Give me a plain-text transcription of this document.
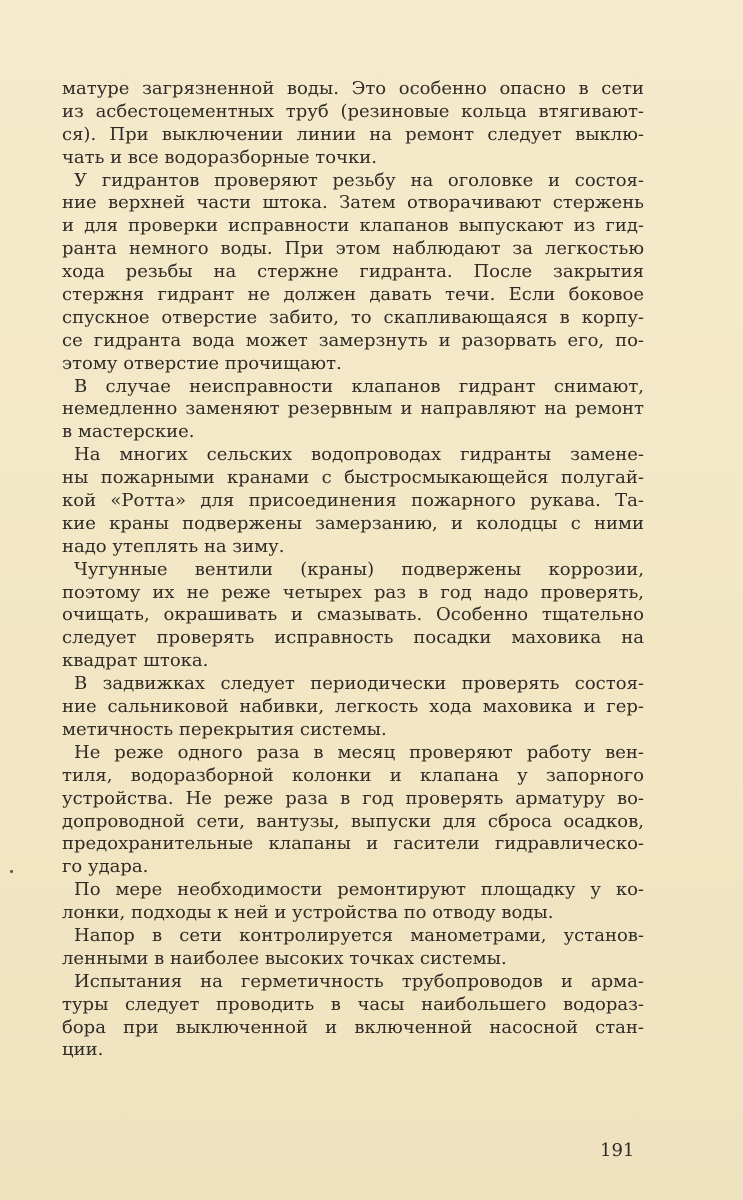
матуре загрязненной воды. Это особенно опасно в сети
из асбестоцементных труб (резиновые кольца втягивают-
ся). При выключении линии на ремонт следует выклю-
чать и все водоразборные точки.
У гидрантов проверяют резьбу на оголовке и состоя-
ние верхней части штока. Затем отворачивают стержень
и для проверки исправности клапанов выпускают из гид-
ранта немного воды. При этом наблюдают за легкостью
хода резьбы на стержне гидранта. После закрытия
стержня гидрант не должен давать течи. Если боковое
спускное отверстие забито, то скапливающаяся в корпу-
се гидранта вода может замерзнуть и разорвать его, по-
этому отверстие прочищают.
В случае неисправности клапанов гидрант снимают,
немедленно заменяют резервным и направляют на ремонт
в мастерские.
На многих сельских водопроводах гидранты замене-
ны пожарными кранами с быстросмыкающейся полугай-
кой «Ротта» для присоединения пожарного рукава. Та-
кие краны подвержены замерзанию, и колодцы с ними
надо утеплять на зиму.
Чугунные вентили (краны) подвержены коррозии,
поэтому их не реже четырех раз в год надо проверять,
очищать, окрашивать и смазывать. Особенно тщательно
следует проверять исправность посадки маховика на
квадрат штока.
В задвижках следует периодически проверять состоя-
ние сальниковой набивки, легкость хода маховика и гер-
метичность перекрытия системы.
Не реже одного раза в месяц проверяют работу вен-
тиля, водоразборной колонки и клапана у запорного
устройства. Не реже раза в год проверять арматуру во-
допроводной сети, вантузы, выпуски для сброса осадков,
предохранительные клапаны и гасители гидравлическо-
го удара.
По мере необходимости ремонтируют площадку у ко-
лонки, подходы к ней и устройства по отводу воды.
Напор в сети контролируется манометрами, установ-
ленными в наиболее высоких точках системы.
Испытания на герметичность трубопроводов и арма-
туры следует проводить в часы наибольшего водораз-
бора при выключенной и включенной насосной стан-
ции.
191
